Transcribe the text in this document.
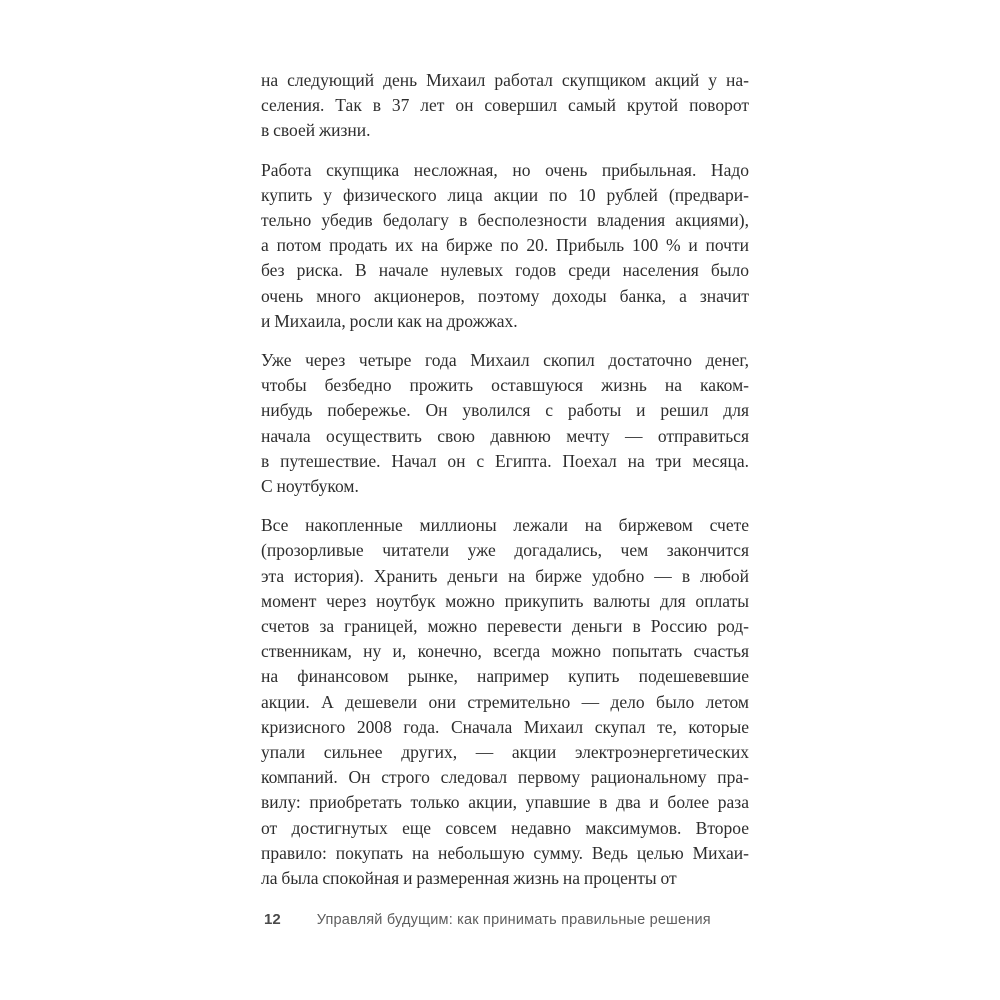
на следующий день Михаил работал скупщиком акций у на-
селения. Так в 37 лет он совершил самый крутой поворот
в своей жизни.
Работа скупщика несложная, но очень прибыльная. Надо
купить у физического лица акции по 10 рублей (предвари-
тельно убедив бедолагу в бесполезности владения акциями),
а потом продать их на бирже по 20. Прибыль 100 % и почти
без риска. В начале нулевых годов среди населения было
очень много акционеров, поэтому доходы банка, а значит
и Михаила, росли как на дрожжах.
Уже через четыре года Михаил скопил достаточно денег,
чтобы безбедно прожить оставшуюся жизнь на каком-
нибудь побережье. Он уволился с работы и решил для
начала осуществить свою давнюю мечту — отправиться
в путешествие. Начал он с Египта. Поехал на три месяца.
С ноутбуком.
Все накопленные миллионы лежали на биржевом счете
(прозорливые читатели уже догадались, чем закончится
эта история). Хранить деньги на бирже удобно — в любой
момент через ноутбук можно прикупить валюты для оплаты
счетов за границей, можно перевести деньги в Россию род-
ственникам, ну и, конечно, всегда можно попытать счастья
на финансовом рынке, например купить подешевевшие
акции. А дешевели они стремительно — дело было летом
кризисного 2008 года. Сначала Михаил скупал те, которые
упали сильнее других, — акции электроэнергетических
компаний. Он строго следовал первому рациональному пра-
вилу: приобретать только акции, упавшие в два и более раза
от достигнутых еще совсем недавно максимумов. Второе
правило: покупать на небольшую сумму. Ведь целью Михаи-
ла была спокойная и размеренная жизнь на проценты от
12 Управляй будущим: как принимать правильные решения
